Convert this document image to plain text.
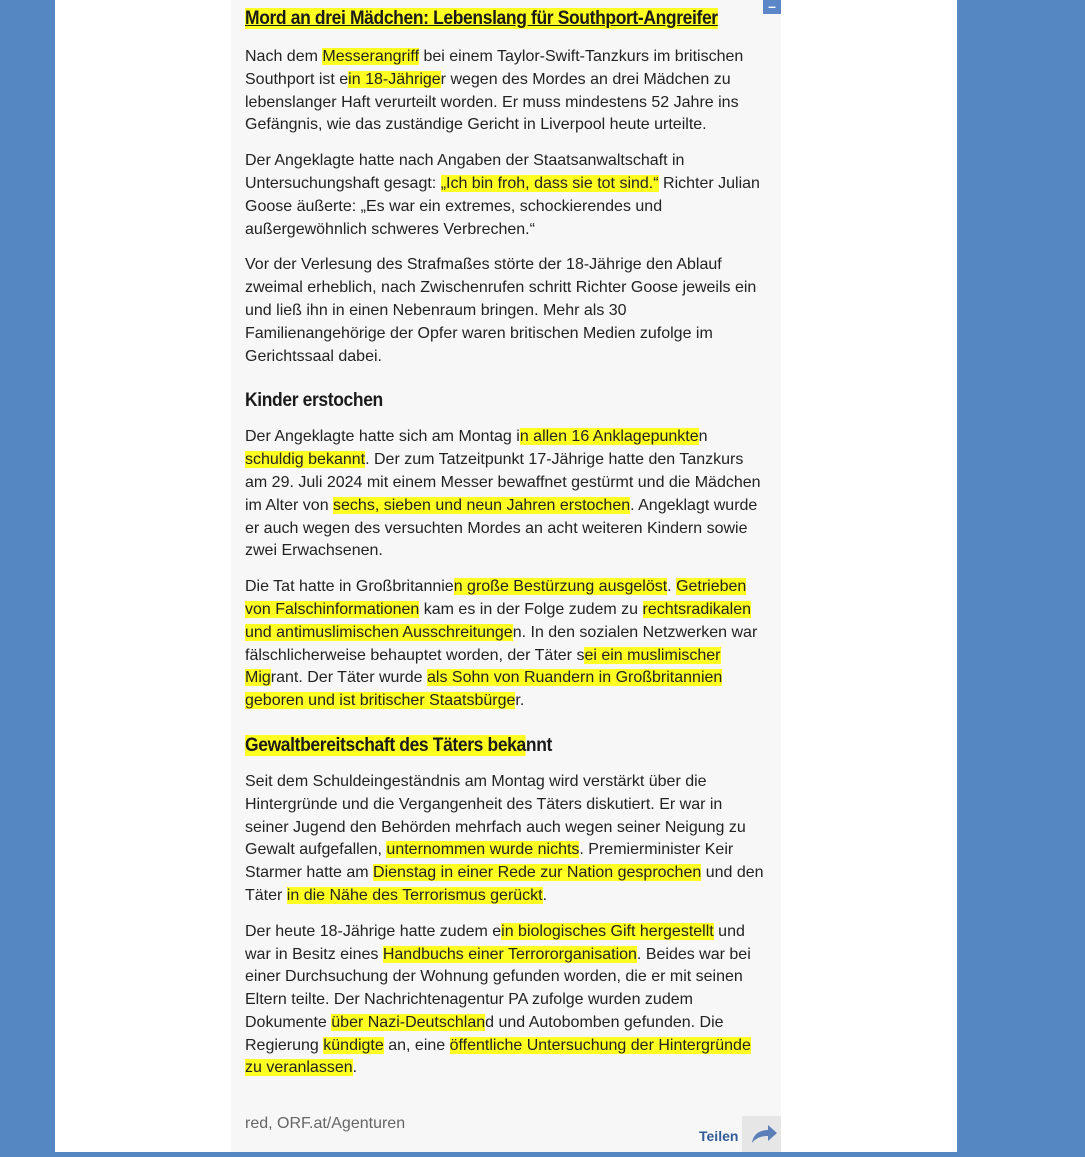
–
Mord an drei Mädchen: Lebenslang für Southport-Angreifer

Nach dem Messerangriff bei einem Taylor-Swift-Tanzkurs im britischen Southport ist ein 18-Jähriger wegen des Mordes an drei Mädchen zu lebenslanger Haft verurteilt worden. Er muss mindestens 52 Jahre ins Gefängnis, wie das zuständige Gericht in Liverpool heute urteilte.

Der Angeklagte hatte nach Angaben der Staatsanwaltschaft in Untersuchungshaft gesagt: „Ich bin froh, dass sie tot sind.“ Richter Julian Goose äußerte: „Es war ein extremes, schockierendes und außergewöhnlich schweres Verbrechen.“

Vor der Verlesung des Strafmaßes störte der 18-Jährige den Ablauf zweimal erheblich, nach Zwischenrufen schritt Richter Goose jeweils ein und ließ ihn in einen Nebenraum bringen. Mehr als 30 Familienangehörige der Opfer waren britischen Medien zufolge im Gerichtssaal dabei.

Kinder erstochen

Der Angeklagte hatte sich am Montag in allen 16 Anklagepunkten schuldig bekannt. Der zum Tatzeitpunkt 17-Jährige hatte den Tanzkurs am 29. Juli 2024 mit einem Messer bewaffnet gestürmt und die Mädchen im Alter von sechs, sieben und neun Jahren erstochen. Angeklagt wurde er auch wegen des versuchten Mordes an acht weiteren Kindern sowie zwei Erwachsenen.

Die Tat hatte in Großbritannien große Bestürzung ausgelöst. Getrieben von Falschinformationen kam es in der Folge zudem zu rechtsradikalen und antimuslimischen Ausschreitungen. In den sozialen Netzwerken war fälschlicherweise behauptet worden, der Täter sei ein muslimischer Migrant. Der Täter wurde als Sohn von Ruandern in Großbritannien geboren und ist britischer Staatsbürger.

Gewaltbereitschaft des Täters bekannt

Seit dem Schuldeingeständnis am Montag wird verstärkt über die Hintergründe und die Vergangenheit des Täters diskutiert. Er war in seiner Jugend den Behörden mehrfach auch wegen seiner Neigung zu Gewalt aufgefallen, unternommen wurde nichts. Premierminister Keir Starmer hatte am Dienstag in einer Rede zur Nation gesprochen und den Täter in die Nähe des Terrorismus gerückt.

Der heute 18-Jährige hatte zudem ein biologisches Gift hergestellt und war in Besitz eines Handbuchs einer Terrororganisation. Beides war bei einer Durchsuchung der Wohnung gefunden worden, die er mit seinen Eltern teilte. Der Nachrichtenagentur PA zufolge wurden zudem Dokumente über Nazi-Deutschland und Autobomben gefunden. Die Regierung kündigte an, eine öffentliche Untersuchung der Hintergründe zu veranlassen.

red, ORF.at/Agenturen
Teilen
